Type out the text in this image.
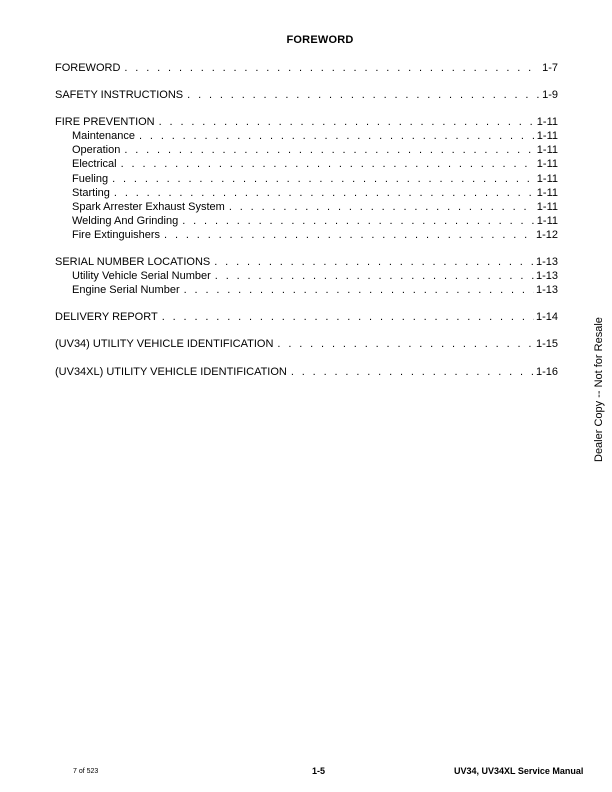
FOREWORD
FOREWORD . . .	1-7
SAFETY INSTRUCTIONS . . .	1-9
FIRE PREVENTION . . .	1-11
Maintenance . . .	1-11
Operation . . .	1-11
Electrical . . .	1-11
Fueling . . .	1-11
Starting . . .	1-11
Spark Arrester Exhaust System . . .	1-11
Welding And Grinding . . .	1-11
Fire Extinguishers . . .	1-12
SERIAL NUMBER LOCATIONS . . .	1-13
Utility Vehicle Serial Number . . .	1-13
Engine Serial Number . . .	1-13
DELIVERY REPORT . . .	1-14
(UV34) UTILITY VEHICLE IDENTIFICATION . . .	1-15
(UV34XL) UTILITY VEHICLE IDENTIFICATION . . .	1-16	Dealer Copy -- Not for Resale
7 of 523	1-5	UV34, UV34XL Service Manual
